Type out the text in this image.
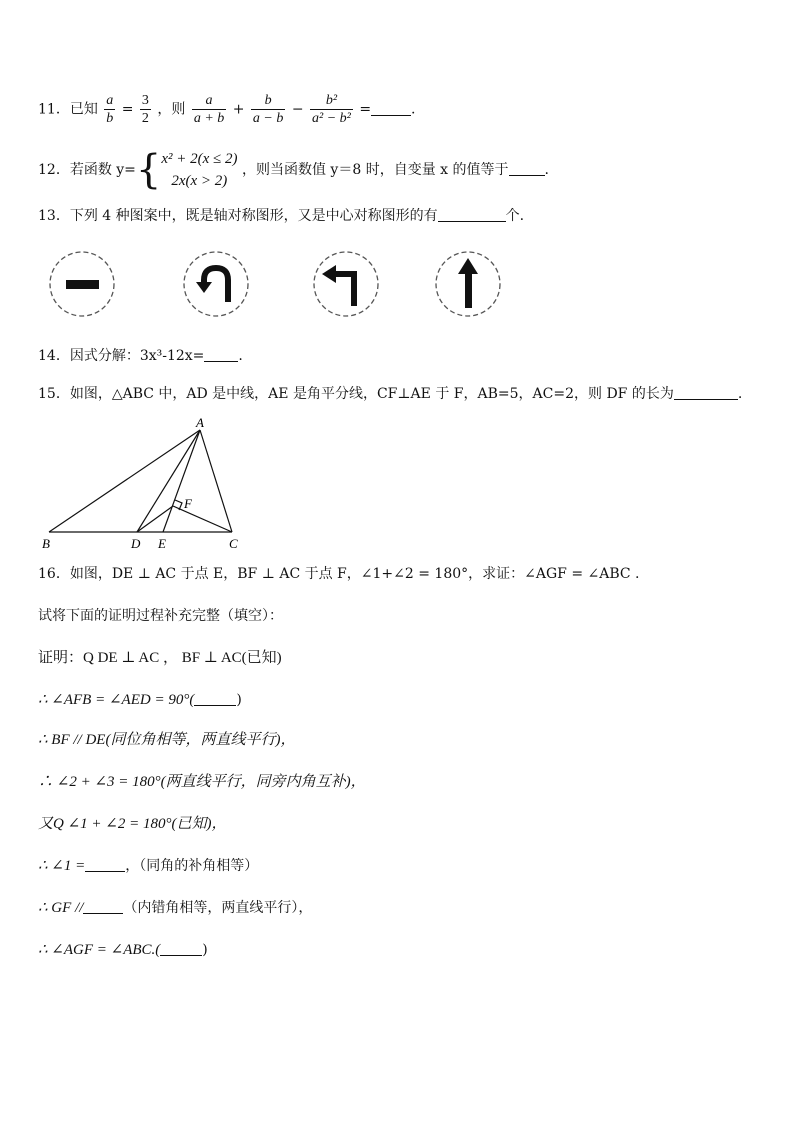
11．已知 $\frac{a}{b} = \frac{3}{2}$ ，则 $\frac{a}{a + b} + \frac{b}{a - b} - \frac{\text{b²}}{\text{a² − b²}}$ =	.
12．若函数 y={ x² + 2(x ≤ 2)
2x(x > 2)
，则当函数值 y＝8 时，自变量 x 的值等于	.
13．下列 4 种图案中，既是轴对称图形，又是中心对称图形的有	个.
14．因式分解：3x³-12x= .
15．如图，△ABC 中，AD 是中线，AE 是角平分线，CF⊥AE 于 F，AB=5，AC=2，则 DF 的长为	.
A
B	C
D E
F
16．如图，DE ⊥ AC 于点 E，BF ⊥ AC 于点 F，∠1+∠2 = 180°，求证：∠AGF = ∠ABC .
试将下面的证明过程补充完整（填空）：
证明：Q DE ⊥ AC ， BF ⊥ AC(已知)
∴ ∠AFB = ∠AED = 90°(	)
∴ BF // DE(同位角相等，两直线平行)，
∴ ∠2 + ∠3 = 180°(两直线平行，同旁内角互补)，
又Q ∠1 + ∠2 = 180°(已知)，
∴ ∠1 =	，（同角的补角相等）
∴ GF //	（内错角相等，两直线平行），
∴ ∠AGF = ∠ABC.(	)
